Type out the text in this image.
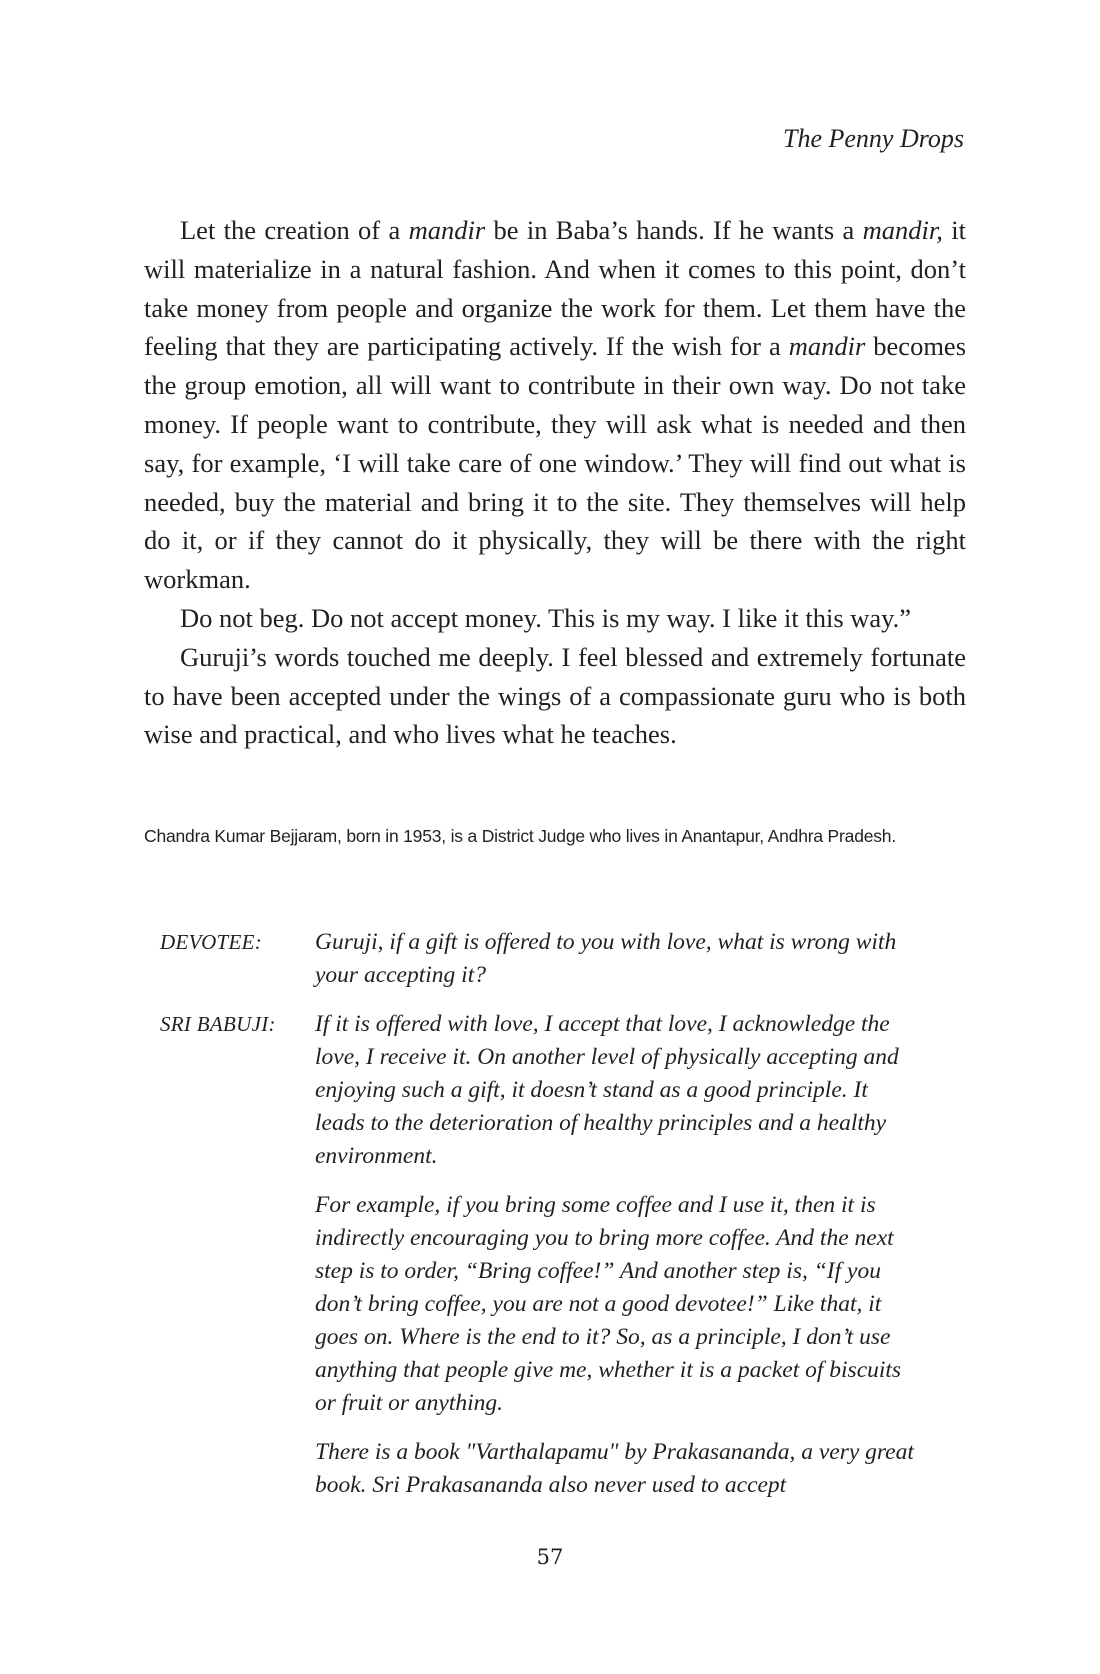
The Penny Drops

Let the creation of a mandir be in Baba’s hands. If he wants a mandir, it will materialize in a natural fashion. And when it comes to this point, don’t take money from people and organize the work for them. Let them have the feeling that they are participating actively. If the wish for a mandir becomes the group emotion, all will want to contribute in their own way. Do not take money. If people want to contribute, they will ask what is needed and then say, for example, ‘I will take care of one window.’ They will find out what is needed, buy the material and bring it to the site. They themselves will help do it, or if they cannot do it physically, they will be there with the right workman.

Do not beg. Do not accept money. This is my way. I like it this way.”

Guruji’s words touched me deeply. I feel blessed and extremely fortunate to have been accepted under the wings of a compassionate guru who is both wise and practical, and who lives what he teaches.

Chandra Kumar Bejjaram, born in 1953, is a District Judge who lives in Anantapur, Andhra Pradesh.
DEVOTEE:	Guruji, if a gift is offered to you with love, what is wrong with your accepting it?

SRI BABUJI:	If it is offered with love, I accept that love, I acknowledge the love, I receive it. On another level of physically accepting and enjoying such a gift, it doesn’t stand as a good principle. It leads to the deterioration of healthy principles and a healthy environment.

For example, if you bring some coffee and I use it, then it is indirectly encouraging you to bring more coffee. And the next step is to order, “Bring coffee!” And another step is, “If you don’t bring coffee, you are not a good devotee!” Like that, it goes on. Where is the end to it? So, as a principle, I don’t use anything that people give me, whether it is a packet of biscuits or fruit or anything.

There is a book "Varthalapamu" by Prakasananda, a very great book. Sri Prakasananda also never used to accept

57
